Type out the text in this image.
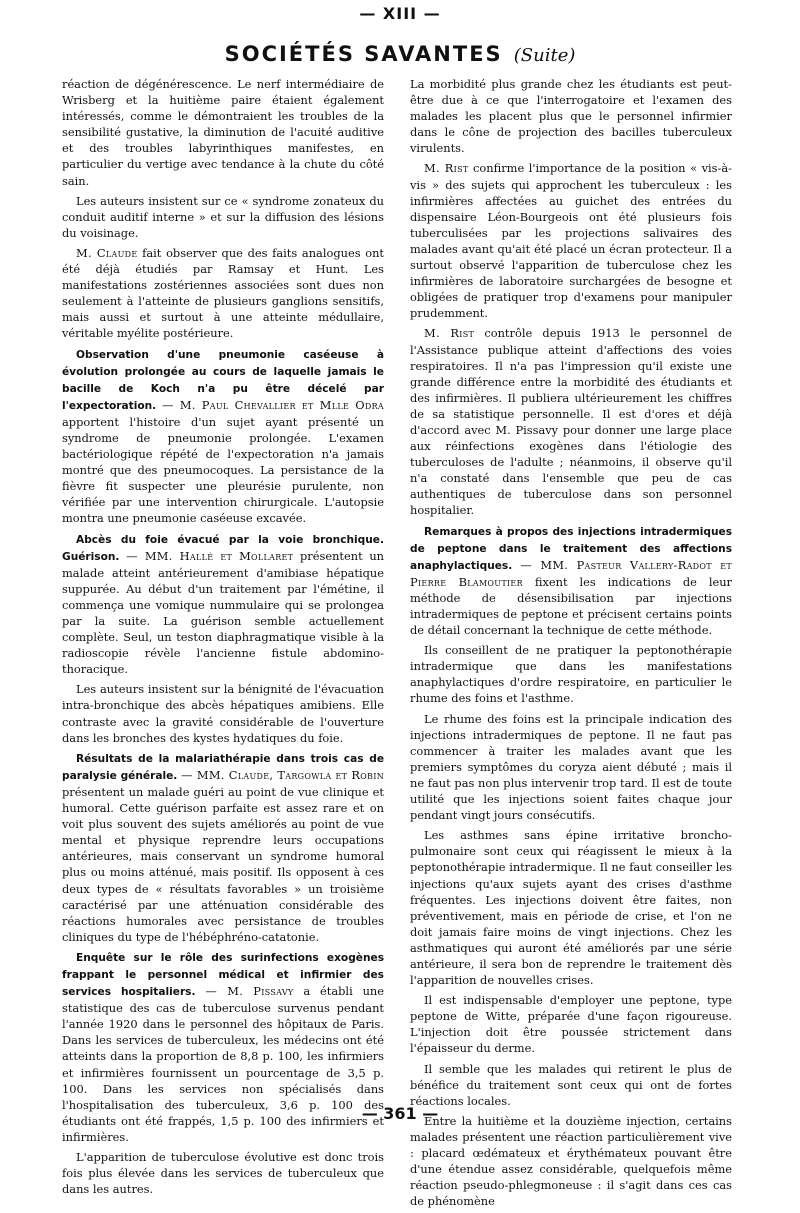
— XIII —
SOCIÉTÉS SAVANTES (Suite)

réaction de dégénérescence. Le nerf intermédiaire de Wrisberg et la huitième paire étaient également intéressés, comme le démontraient les troubles de la sensibilité gustative, la diminution de l'acuité auditive et des troubles labyrinthiques manifestes, en particulier du vertige avec tendance à la chute du côté sain.

Les auteurs insistent sur ce « syndrome zonateux du conduit auditif interne » et sur la diffusion des lésions du voisinage.

M. Claude fait observer que des faits analogues ont été déjà étudiés par Ramsay et Hunt. Les manifestations zostériennes associées sont dues non seulement à l'atteinte de plusieurs ganglions sensitifs, mais aussi et surtout à une atteinte médullaire, véritable myélite postérieure.

Observation d'une pneumonie caséeuse à évolution prolongée au cours de laquelle jamais le bacille de Koch n'a pu être décelé par l'expectoration. — M. Paul Chevallier et Mlle Odra apportent l'histoire d'un sujet ayant présenté un syndrome de pneumonie prolongée. L'examen bactériologique répété de l'expectoration n'a jamais montré que des pneumocoques. La persistance de la fièvre fit suspecter une pleurésie purulente, non vérifiée par une intervention chirurgicale. L'autopsie montra une pneumonie caséeuse excavée.

Abcès du foie évacué par la voie bronchique. Guérison. — MM. Hallé et Mollaret présentent un malade atteint antérieurement d'amibiase hépatique suppurée. Au début d'un traitement par l'émétine, il commença une vomique nummulaire qui se prolongea par la suite. La guérison semble actuellement complète. Seul, un teston diaphragmatique visible à la radioscopie révèle l'ancienne fistule abdomino-thoracique.

Les auteurs insistent sur la bénignité de l'évacuation intra-bronchique des abcès hépatiques amibiens. Elle contraste avec la gravité considérable de l'ouverture dans les bronches des kystes hydatiques du foie.

Résultats de la malariathérapie dans trois cas de paralysie générale. — MM. Claude, Targowla et Robin présentent un malade guéri au point de vue clinique et humoral. Cette guérison parfaite est assez rare et on voit plus souvent des sujets améliorés au point de vue mental et physique reprendre leurs occupations antérieures, mais conservant un syndrome humoral plus ou moins atténué, mais positif. Ils opposent à ces deux types de « résultats favorables » un troisième caractérisé par une atténuation considérable des réactions humorales avec persistance de troubles cliniques du type de l'hébéphréno-catatonie.

Enquête sur le rôle des surinfections exogènes frappant le personnel médical et infirmier des services hospitaliers. — M. Pissavy a établi une statistique des cas de tuberculose survenus pendant l'année 1920 dans le personnel des hôpitaux de Paris. Dans les services de tuberculeux, les médecins ont été atteints dans la proportion de 8,8 p. 100, les infirmiers et infirmières fournissent un pourcentage de 3,5 p. 100. Dans les services non spécialisés dans l'hospitalisation des tuberculeux, 3,6 p. 100 des étudiants ont été frappés, 1,5 p. 100 des infirmiers et infirmières.

L'apparition de tuberculose évolutive est donc trois fois plus élevée dans les services de tuberculeux que dans les autres.

La morbidité plus grande chez les étudiants est peut-être due à ce que l'interrogatoire et l'examen des malades les placent plus que le personnel infirmier dans le cône de projection des bacilles tuberculeux virulents.

M. Rist confirme l'importance de la position « vis-à-vis » des sujets qui approchent les tuberculeux : les infirmières affectées au guichet des entrées du dispensaire Léon-Bourgeois ont été plusieurs fois tuberculisées par les projections salivaires des malades avant qu'ait été placé un écran protecteur. Il a surtout observé l'apparition de tuberculose chez les infirmières de laboratoire surchargées de besogne et obligées de pratiquer trop d'examens pour manipuler prudemment.

M. Rist contrôle depuis 1913 le personnel de l'Assistance publique atteint d'affections des voies respiratoires. Il n'a pas l'impression qu'il existe une grande différence entre la morbidité des étudiants et des infirmières. Il publiera ultérieurement les chiffres de sa statistique personnelle. Il est d'ores et déjà d'accord avec M. Pissavy pour donner une large place aux réinfections exogènes dans l'étiologie des tuberculoses de l'adulte ; néanmoins, il observe qu'il n'a constaté dans l'ensemble que peu de cas authentiques de tuberculose dans son personnel hospitalier.

Remarques à propos des injections intradermiques de peptone dans le traitement des affections anaphylactiques. — MM. Pasteur Vallery-Radot et Pierre Blamoutier fixent les indications de leur méthode de désensibilisation par injections intradermiques de peptone et précisent certains points de détail concernant la technique de cette méthode.

Ils conseillent de ne pratiquer la peptonothérapie intradermique que dans les manifestations anaphylactiques d'ordre respiratoire, en particulier le rhume des foins et l'asthme.

Le rhume des foins est la principale indication des injections intradermiques de peptone. Il ne faut pas commencer à traiter les malades avant que les premiers symptômes du coryza aient débuté ; mais il ne faut pas non plus intervenir trop tard. Il est de toute utilité que les injections soient faites chaque jour pendant vingt jours consécutifs.

Les asthmes sans épine irritative broncho-pulmonaire sont ceux qui réagissent le mieux à la peptonothérapie intradermique. Il ne faut conseiller les injections qu'aux sujets ayant des crises d'asthme fréquentes. Les injections doivent être faites, non préventivement, mais en période de crise, et l'on ne doit jamais faire moins de vingt injections. Chez les asthmatiques qui auront été améliorés par une série antérieure, il sera bon de reprendre le traitement dès l'apparition de nouvelles crises.

Il est indispensable d'employer une peptone, type peptone de Witte, préparée d'une façon rigoureuse. L'injection doit être poussée strictement dans l'épaisseur du derme.

Il semble que les malades qui retirent le plus de bénéfice du traitement sont ceux qui ont de fortes réactions locales.

Entre la huitième et la douzième injection, certains malades présentent une réaction particulièrement vive : placard œdémateux et érythémateux pouvant être d'une étendue assez considérable, quelquefois même réaction pseudo-phlegmoneuse : il s'agit dans ces cas de phénomène

— 361 —
